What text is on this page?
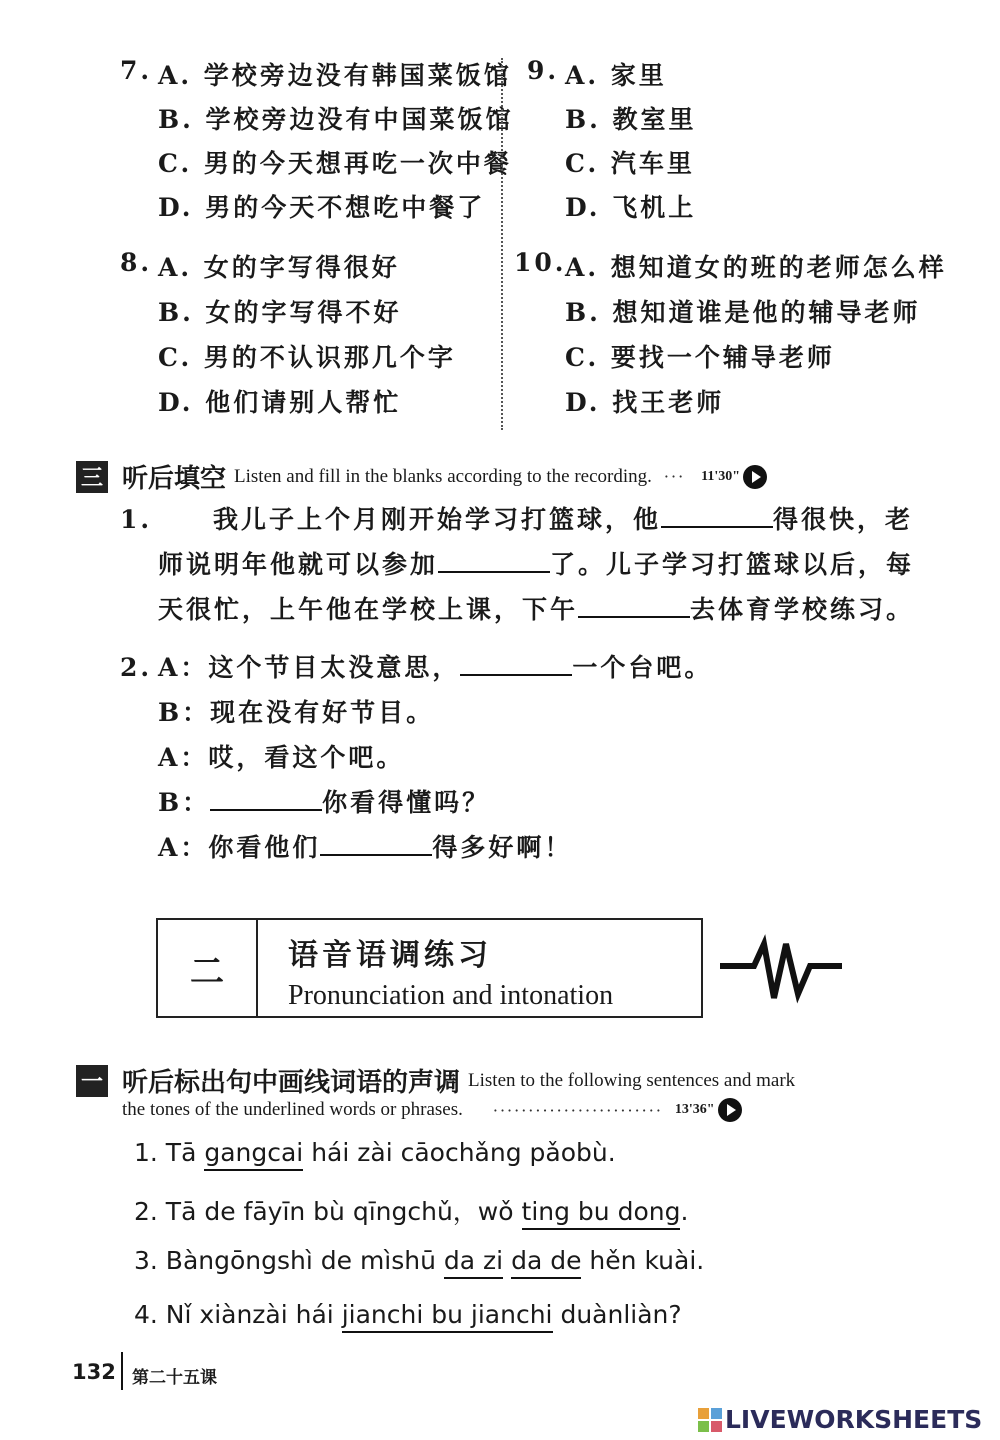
7. A. 学校旁边没有韩国菜饭馆
B. 学校旁边没有中国菜饭馆
C. 男的今天想再吃一次中餐
D. 男的今天不想吃中餐了
9. A. 家里
B. 教室里
C. 汽车里
D. 飞机上
8. A. 女的字写得很好
B. 女的字写得不好
C. 男的不认识那几个字
D. 他们请别人帮忙
10.
A. 想知道女的班的老师怎么样
B. 想知道谁是他的辅导老师
C. 要找一个辅导老师
D. 找王老师
三 听后填空 Listen and fill in the blanks according to the recording. ··· 11'30"
1. 我儿子上个月刚开始学习打篮球，他	得很快，老
师说明年他就可以参加	了。儿子学习打篮球以后，每
天很忙，上午他在学校上课，下午	去体育学校练习。
2. A：这个节目太没意思，	一个台吧。
B：现在没有好节目。
A：哎，看这个吧。
B：	你看得懂吗？
A：你看他们	得多好啊！
二	语音语调练习
Pronunciation and intonation
一 听后标出句中画线词语的声调 Listen to the following sentences and mark
the tones of the underlined words or phrases. ························ 13'36"
1. Tā gangcai hái zài cāochǎng pǎobù.
2. Tā de fāyīn bù qīngchǔ，wǒ ting bu dong.
3. Bàngōngshì de mìshū da zi da de hěn kuài.
4. Nǐ xiànzài hái jianchi bu jianchi duànliàn?
132 第二十五课
LIVEWORKSHEETS
